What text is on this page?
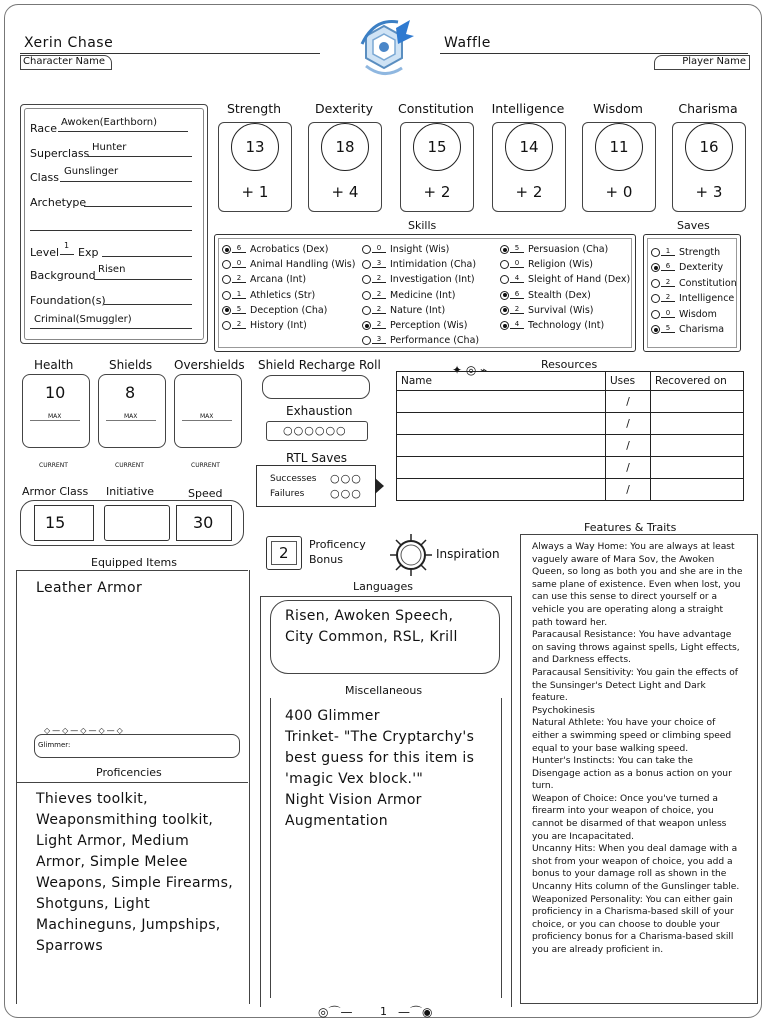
Xerin Chase
Character Name
Waffle
Player Name
Race Awoken(Earthborn)
Superclass Hunter
Class Gunslinger
Archetype
Level
1
Exp
Background Risen
Foundation(s)
Criminal(Smuggler)
Strength
13
+ 1
Dexterity
18
+ 4
Constitution
15
+ 2
Intelligence
14
+ 2
Wisdom
11
+ 0
Charisma
16
+ 3
Skills
6 Acrobatics (Dex)
0 Animal Handling (Wis)
2 Arcana (Int)
1 Athletics (Str)
5 Deception (Cha)
2 History (Int)
0 Insight (Wis)
3 Intimidation (Cha)
2 Investigation (Int)
2 Medicine (Int)
2 Nature (Int)
2 Perception (Wis)
3 Performance (Cha)
5 Persuasion (Cha)
0 Religion (Wis)
4 Sleight of Hand (Dex)
6 Stealth (Dex)
2 Survival (Wis)
4 Technology (Int)
Saves
1 Strength
6 Dexterity
2 Constitution
2 Intelligence
0 Wisdom
5 Charisma
Health	Shields Overshields
10
MAX
CURRENT
8
MAX
CURRENT
MAX
CURRENT
Shield Recharge Roll
Exhaustion
○○○○○○
RTL Saves
Successes ○○○
Failures ○○○
Resources
✦ ◎ ⌁
Name	Uses	Recovered on
	/	
	/	
	/	
	/	
	/	
Armor Class Initiative	Speed
15	30
2 Proficency
Bonus	Inspiration
Equipped Items
Leather Armor
◇—◇—◇—◇—◇
Glimmer:
Proficencies
Thieves toolkit, Weaponsmithing toolkit, Light Armor, Medium Armor, Simple Melee Weapons, Simple Firearms, Shotguns, Light Machineguns, Jumpships, Sparrows
Languages
Risen, Awoken Speech, City Common, RSL, Krill
Miscellaneous
400 Glimmer
Trinket- "The Cryptarchy's best guess for this item is 'magic Vex block.'"
Night Vision Armor Augmentation
Features & Traits
Always a Way Home: You are always at least vaguely aware of Mara Sov, the Awoken Queen, so long as both you and she are in the same plane of existence. Even when lost, you can use this sense to direct yourself or a vehicle you are operating along a straight path toward her.
Paracausal Resistance: You have advantage on saving throws against spells, Light effects, and Darkness effects.
Paracausal Sensitivity: You gain the effects of the Sunsinger's Detect Light and Dark feature.
Psychokinesis
Natural Athlete: You have your choice of either a swimming speed or climbing speed equal to your base walking speed.
Hunter's Instincts: You can take the Disengage action as a bonus action on your turn.
Weapon of Choice: Once you've turned a firearm into your weapon of choice, you cannot be disarmed of that weapon unless you are Incapacitated.
Uncanny Hits: When you deal damage with a shot from your weapon of choice, you add a bonus to your damage roll as shown in the Uncanny Hits column of the Gunslinger table.
Weaponized Personality: You can either gain proficiency in a Charisma-based skill of your choice, or you can choose to double your proficiency bonus for a Charisma-based skill you are already proficient in.
◎⌒—	1 —⌒◉
